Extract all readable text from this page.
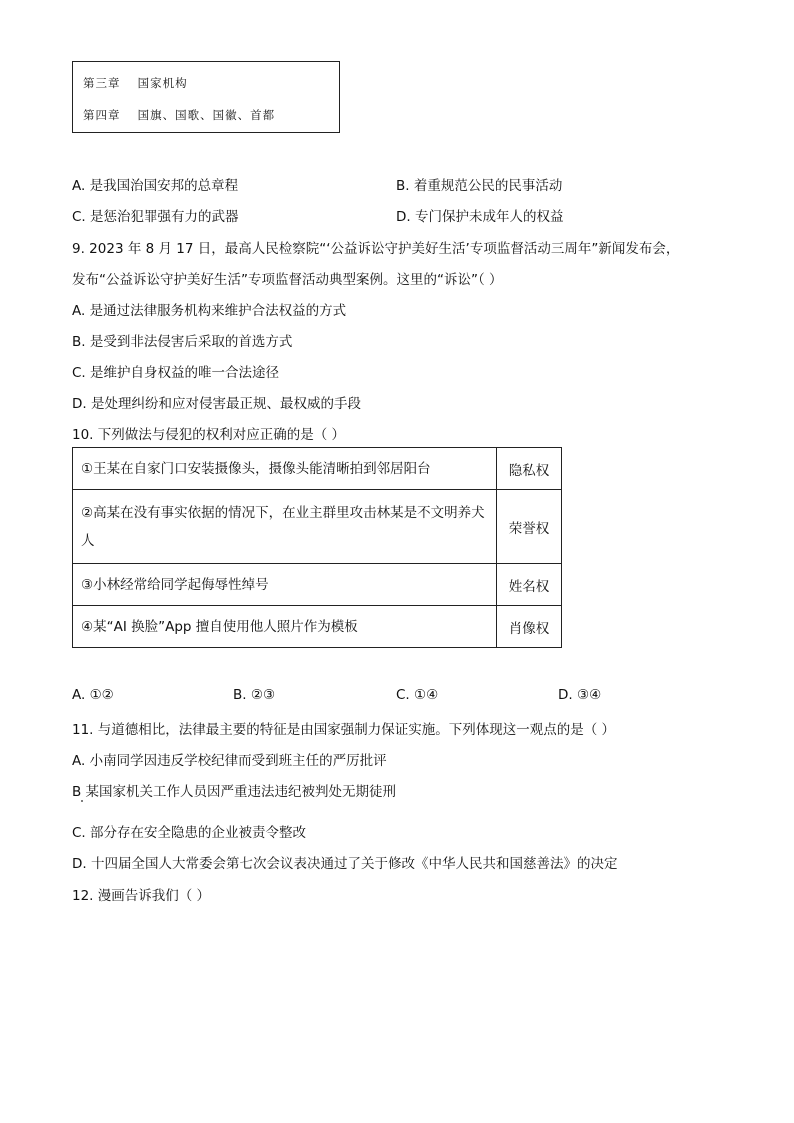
第三章　 国家机构
第四章　 国旗、国歌、国徽、首都
A. 是我国治国安邦的总章程	B. 着重规范公民的民事活动
C. 是惩治犯罪强有力的武器	D. 专门保护未成年人的权益
9. 2023 年 8 月 17 日，最高人民检察院“‘公益诉讼守护美好生活’专项监督活动三周年”新闻发布会，
发布“公益诉讼守护美好生活”专项监督活动典型案例。这里的“诉讼”（ ）
A. 是通过法律服务机构来维护合法权益的方式
B. 是受到非法侵害后采取的首选方式
C. 是维护自身权益的唯一合法途径
D. 是处理纠纷和应对侵害最正规、最权威的手段
10. 下列做法与侵犯的权利对应正确的是（ ）
①王某在自家门口安装摄像头，摄像头能清晰拍到邻居阳台	隐私权
②高某在没有事实依据的情况下，在业主群里攻击林某是不文明养犬人	荣誉权
③小林经常给同学起侮辱性绰号	姓名权
④某“AI 换脸”App 擅自使用他人照片作为模板	肖像权
A. ①②	B. ②③	C. ①④	D. ③④
11. 与道德相比，法律最主要的特征是由国家强制力保证实施。下列体现这一观点的是（ ）
A. 小南同学因违反学校纪律而受到班主任的严厉批评
B 某国家机关工作人员因严重违法违纪被判处无期徒刑
C. 部分存在安全隐患的企业被责令整改
D. 十四届全国人大常委会第七次会议表决通过了关于修改《中华人民共和国慈善法》的决定
12. 漫画告诉我们（ ）
